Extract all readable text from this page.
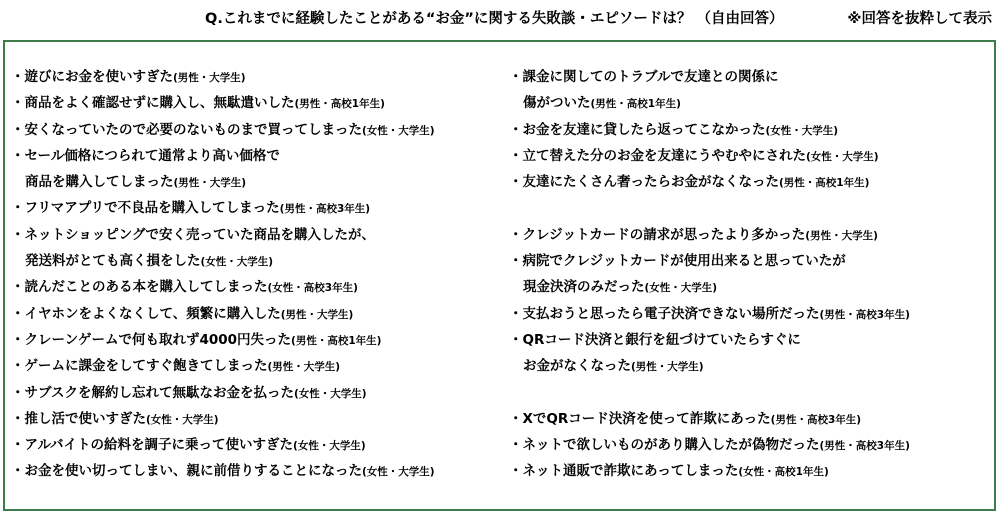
Q.これまでに経験したことがある“お金”に関する失敗談・エピソードは？ （自由回答）	※回答を抜粋して表示
・遊びにお金を使いすぎた(男性・大学生)
・商品をよく確認せずに購入し、無駄遣いした(男性・高校1年生)
・安くなっていたので必要のないものまで買ってしまった(女性・大学生)
・セール価格につられて通常より高い価格で
商品を購入してしまった(男性・大学生)
・フリマアプリで不良品を購入してしまった(男性・高校3年生)
・ネットショッピングで安く売っていた商品を購入したが、
発送料がとても高く損をした(女性・大学生)
・読んだことのある本を購入してしまった(女性・高校3年生)
・イヤホンをよくなくして、頻繁に購入した(男性・大学生)
・クレーンゲームで何も取れず4000円失った(男性・高校1年生)
・ゲームに課金をしてすぐ飽きてしまった(男性・大学生)
・サブスクを解約し忘れて無駄なお金を払った(女性・大学生)
・推し活で使いすぎた(女性・大学生)
・アルバイトの給料を調子に乗って使いすぎた(女性・大学生)
・お金を使い切ってしまい、親に前借りすることになった(女性・大学生)
・課金に関してのトラブルで友達との関係に
傷がついた(男性・高校1年生)
・お金を友達に貸したら返ってこなかった(女性・大学生)
・立て替えた分のお金を友達にうやむやにされた(女性・大学生)
・友達にたくさん奢ったらお金がなくなった(男性・高校1年生)
・クレジットカードの請求が思ったより多かった(男性・大学生)
・病院でクレジットカードが使用出来ると思っていたが
現金決済のみだった(女性・大学生)
・支払おうと思ったら電子決済できない場所だった(男性・高校3年生)
・QRコード決済と銀行を紐づけていたらすぐに
お金がなくなった(男性・大学生)
・XでQRコード決済を使って詐欺にあった(男性・高校3年生)
・ネットで欲しいものがあり購入したが偽物だった(男性・高校3年生)
・ネット通販で詐欺にあってしまった(女性・高校1年生)
